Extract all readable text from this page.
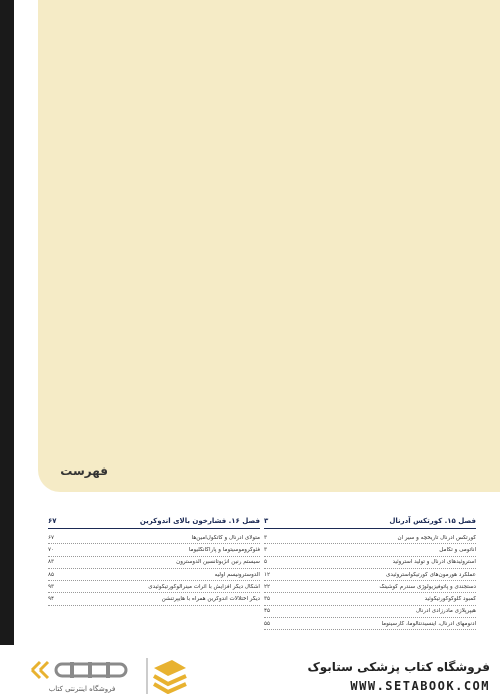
فهرست
فصل ۱۵. کورتکس آدرنال
۳
کورتکس آدرنال تاریخچه و سیر آن
۳
آناتومی و تکامل
۳
استروئیدهای آدرنال و تولید استروئید
۵
عملکرد هورمون‌های کورتیکواستروئیدی
۱۲
دستجندی و پاتوفیزیولوژی سندرم کوشینگ
۲۲
کمبود گلوکوکورتیکوئید
۳۵
هیپرپلازی مادرزادی آدرنال
۴۵
آدنومهای آدرنال، اینسیدنتالوما، کارسینوما
۵۵
فصل ۱۶. فشارخون بالای اندوکرین
۶۷
متولای آدرنال و کاتکول‌آمین‌ها
۶۷
فئوکروموسیتوما و پاراگانگلیوما
۷۰
سیستم رنین آنژیوتانسین آلدوسترون
۸۳
آلدوسترونیسم اولیه
۸۵
اشکال دیگر افزایش با اثرات مینرالوکورتیکوئیدی
۹۳
دیگر اختلالات اندوکرین همراه با هایپرتنشن
۹۴
فروشگاه اینترنتی کتاب
فروشگاه کتاب پزشکی ستابوک
WWW.SETABOOK.COM
